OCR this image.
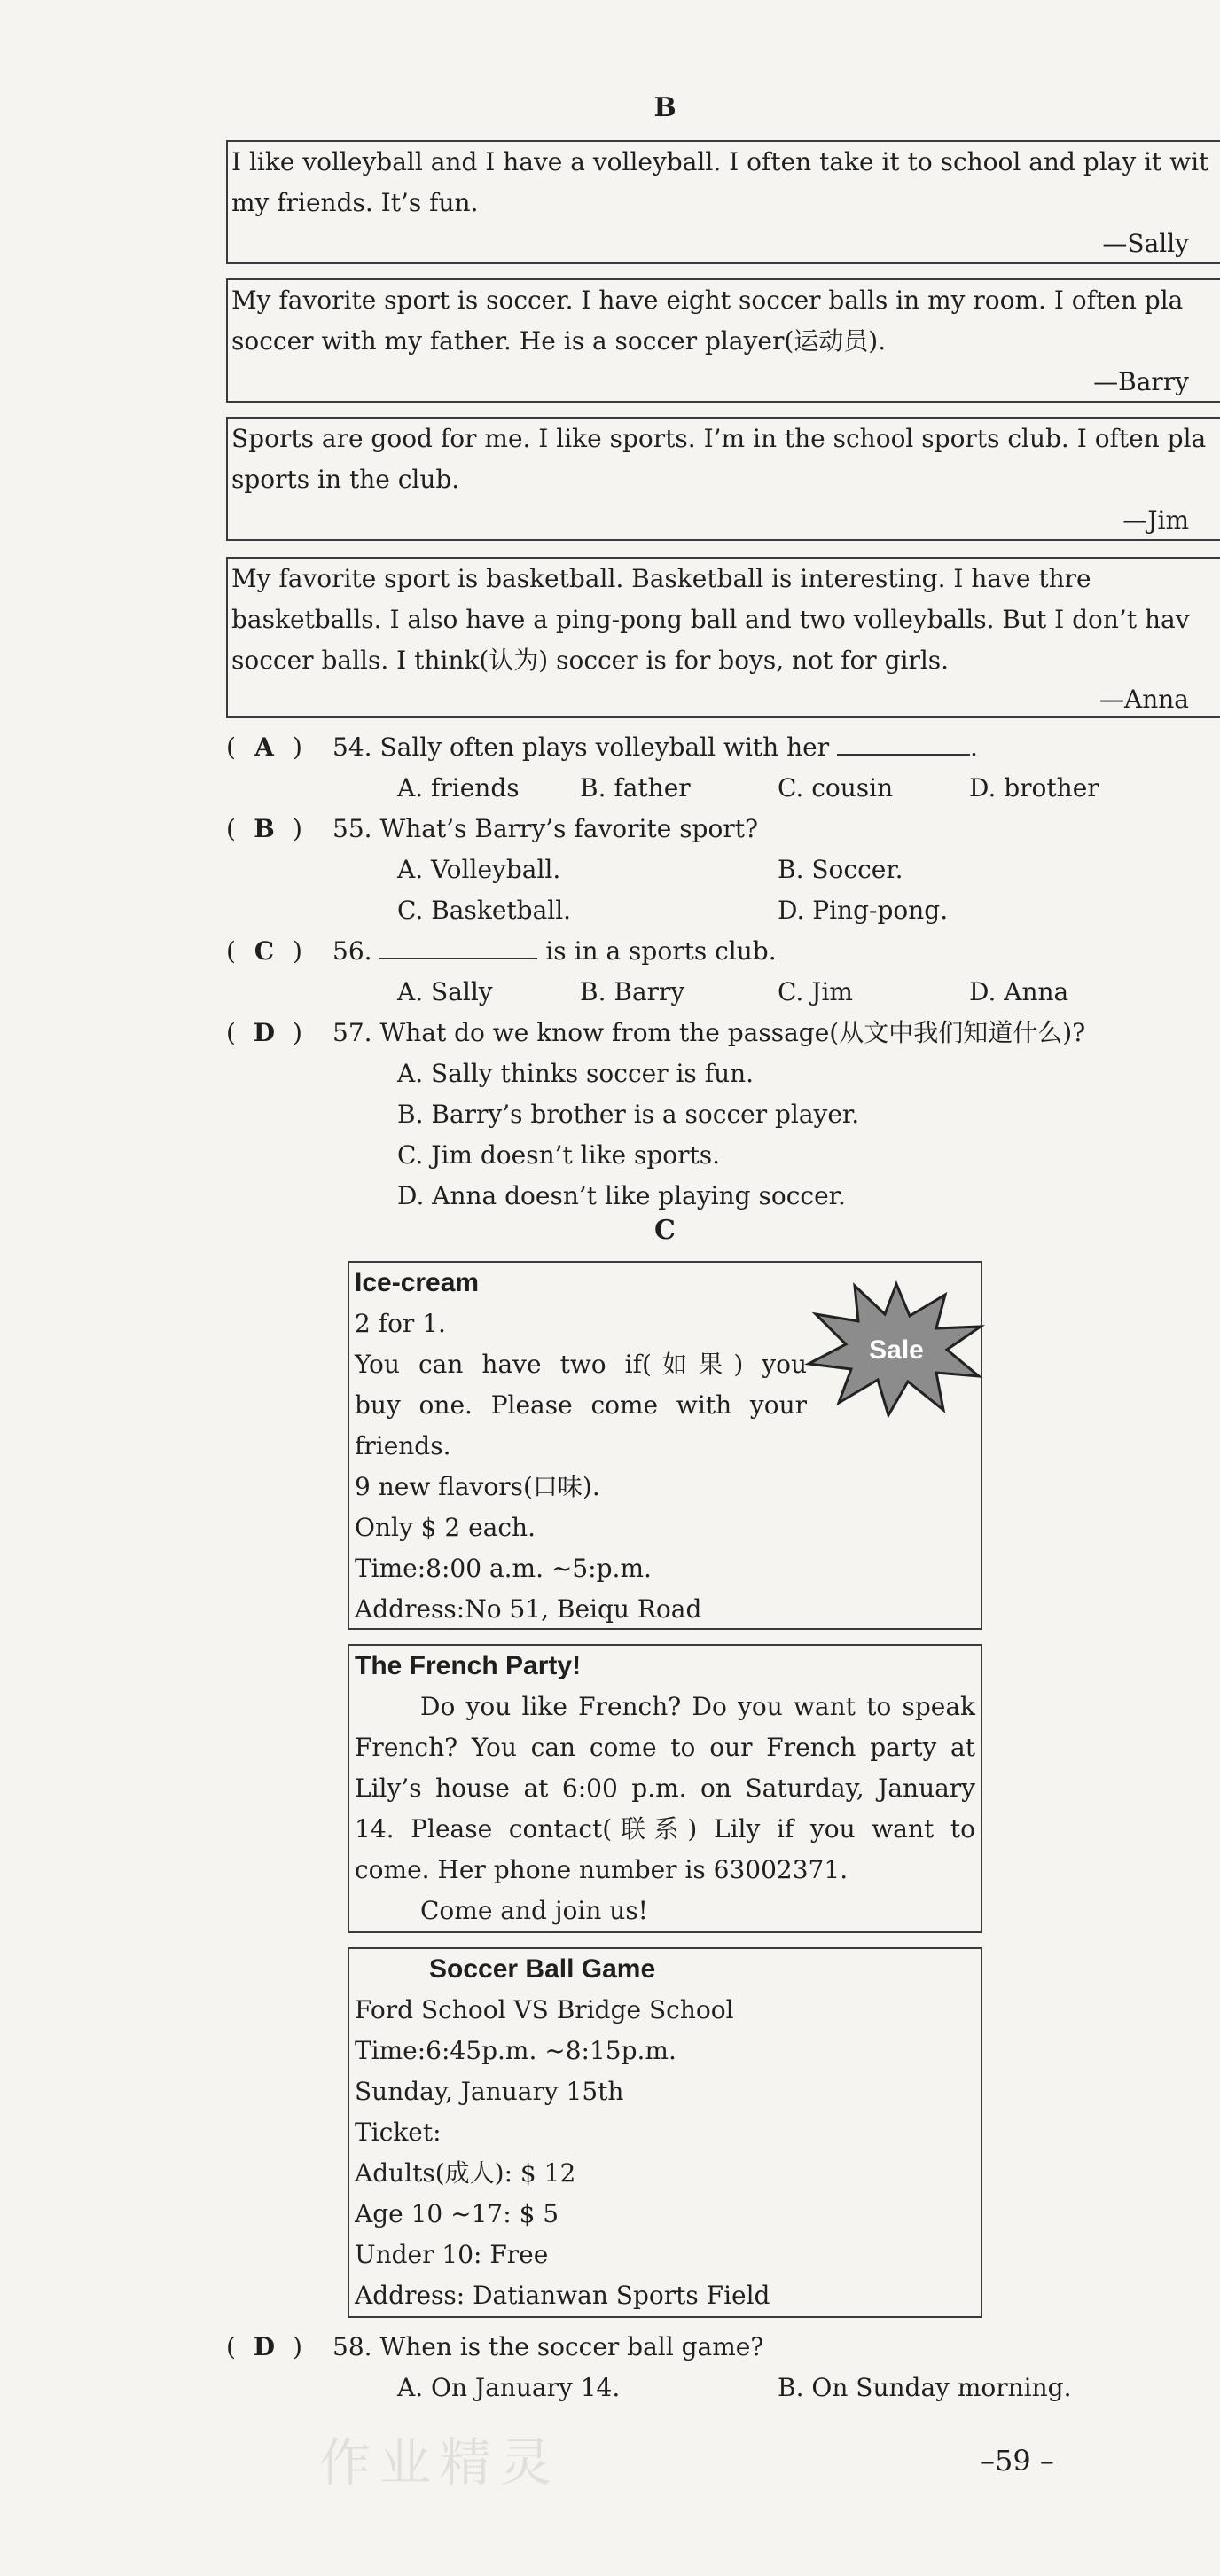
B
I like volleyball and I have a volleyball. I often take it to school and play it wit
my friends. It’s fun.
—Sally
My favorite sport is soccer. I have eight soccer balls in my room. I often pla
soccer with my father. He is a soccer player(运动员).
—Barry
Sports are good for me. I like sports. I’m in the school sports club. I often pla
sports in the club.
—Jim
My favorite sport is basketball. Basketball is interesting. I have thre
basketballs. I also have a ping-pong ball and two volleyballs. But I don’t hav
soccer balls. I think(认为) soccer is for boys, not for girls.
—Anna
( A ) 54. Sally often plays volleyball with her	.
A. friends B. father	C. cousin	D. brother
( B ) 55. What’s Barry’s favorite sport?
A. Volleyball.	B. Soccer.
C. Basketball.	D. Ping-pong.
( C ) 56.	is in a sports club.
A. Sally	B. Barry	C. Jim	D. Anna
( D ) 57. What do we know from the passage(从文中我们知道什么)?
A. Sally thinks soccer is fun.
B. Barry’s brother is a soccer player.
C. Jim doesn’t like sports.
D. Anna doesn’t like playing soccer.
C
Ice-cream
2 for 1.
You can have two if(如果) you
buy one. Please come with your
friends.
9 new flavors(口味).
Only $ 2 each.
Time:8:00 a.m. ~5:p.m.
Address:No 51, Beiqu Road
Sale
The French Party!
Do you like French? Do you want to speak
French? You can come to our French party at
Lily’s house at 6:00 p.m. on Saturday, January
14. Please contact(联系) Lily if you want to
come. Her phone number is 63002371.
Come and join us!
Soccer Ball Game
Ford School VS Bridge School
Time:6:45p.m. ~8:15p.m.
Sunday, January 15th
Ticket:
Adults(成人): $ 12
Age 10 ~17: $ 5
Under 10: Free
Address: Datianwan Sports Field
( D ) 58. When is the soccer ball game?
A. On January 14.	B. On Sunday morning.
–59 –
作业精灵
